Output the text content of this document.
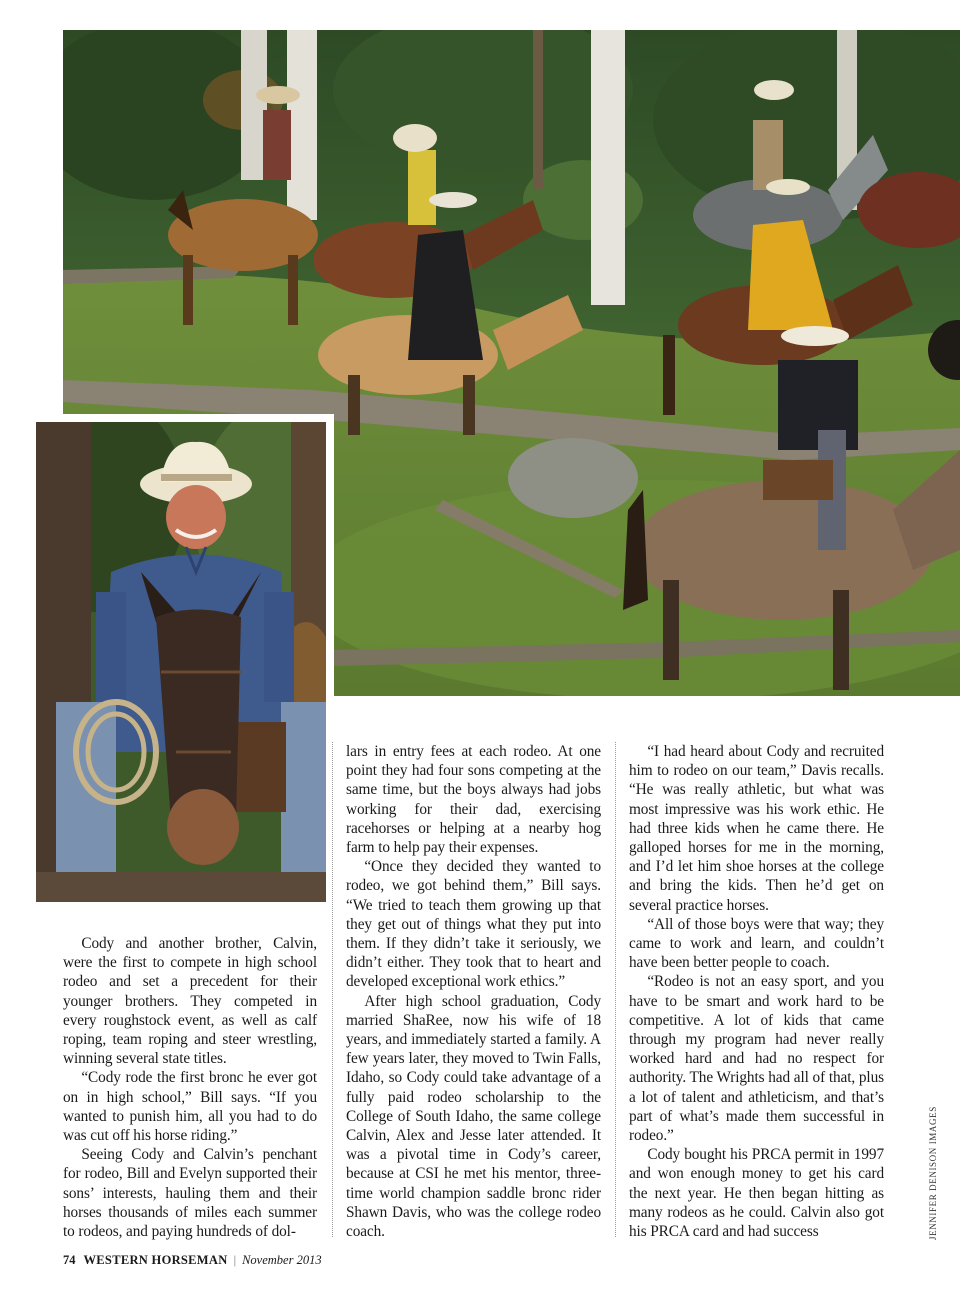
Cody and another brother, Calvin, were the first to compete in high school rodeo and set a precedent for their younger brothers. They competed in every roughstock event, as well as calf roping, team roping and steer wrestling, winning several state titles.

“Cody rode the first bronc he ever got on in high school,” Bill says. “If you wanted to punish him, all you had to do was cut off his horse riding.”

Seeing Cody and Calvin’s penchant for rodeo, Bill and Evelyn supported their sons’ interests, hauling them and their horses thousands of miles each summer to rodeos, and paying hundreds of dol-

lars in entry fees at each rodeo. At one point they had four sons competing at the same time, but the boys always had jobs working for their dad, exercising racehorses or helping at a nearby hog farm to help pay their expenses.

“Once they decided they wanted to rodeo, we got behind them,” Bill says. “We tried to teach them growing up that they get out of things what they put into them. If they didn’t take it seriously, we didn’t either. They took that to heart and developed exceptional work ethics.”

After high school graduation, Cody married ShaRee, now his wife of 18 years, and immediately started a family. A few years later, they moved to Twin Falls, Idaho, so Cody could take advantage of a fully paid rodeo scholarship to the College of South Idaho, the same college Calvin, Alex and Jesse later attended. It was a pivotal time in Cody’s career, because at CSI he met his mentor, three-time world champion saddle bronc rider Shawn Davis, who was the college rodeo coach.

“I had heard about Cody and recruited him to rodeo on our team,” Davis recalls. “He was really athletic, but what was most impressive was his work ethic. He had three kids when he came there. He galloped horses for me in the morning, and I’d let him shoe horses at the college and bring the kids. Then he’d get on several practice horses.

“All of those boys were that way; they came to work and learn, and couldn’t have been better people to coach.

“Rodeo is not an easy sport, and you have to be smart and work hard to be competitive. A lot of kids that came through my program had never really worked hard and had no respect for authority. The Wrights had all of that, plus a lot of talent and athleticism, and that’s part of what’s made them successful in rodeo.”

Cody bought his PRCA permit in 1997 and won enough money to get his card the next year. He then began hitting as many rodeos as he could. Calvin also got his PRCA card and had success	JENNIFER DENISON IMAGES
74 WESTERN HORSEMAN | November 2013
